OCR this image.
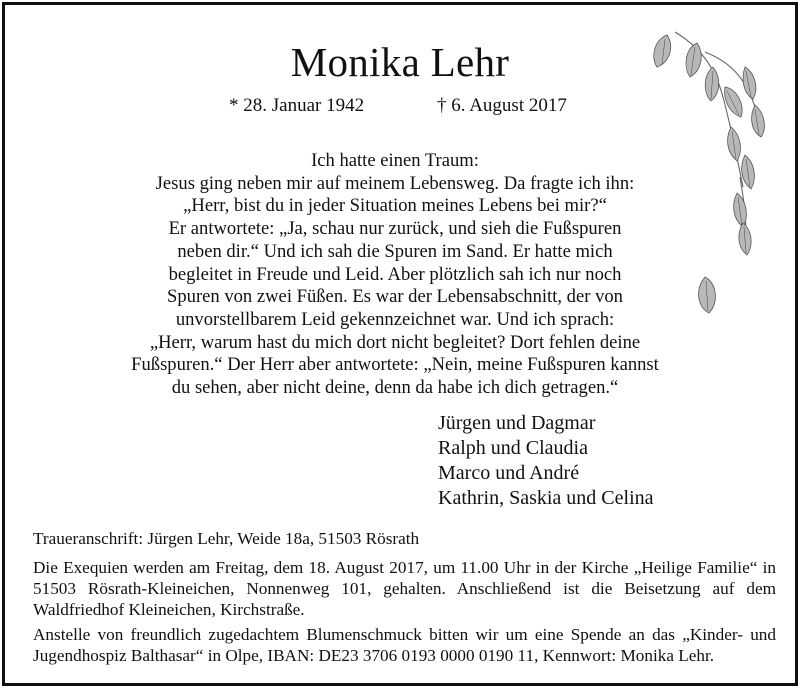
Monika Lehr
* 28. Januar 1942	† 6. August 2017
Ich hatte einen Traum:
Jesus ging neben mir auf meinem Lebensweg. Da fragte ich ihn:
„Herr, bist du in jeder Situation meines Lebens bei mir?“
Er antwortete: „Ja, schau nur zurück, und sieh die Fußspuren
neben dir.“ Und ich sah die Spuren im Sand. Er hatte mich
begleitet in Freude und Leid. Aber plötzlich sah ich nur noch
Spuren von zwei Füßen. Es war der Lebensabschnitt, der von
unvorstellbarem Leid gekennzeichnet war. Und ich sprach:
„Herr, warum hast du mich dort nicht begleitet? Dort fehlen deine
Fußspuren.“ Der Herr aber antwortete: „Nein, meine Fußspuren kannst
du sehen, aber nicht deine, denn da habe ich dich getragen.“
Jürgen und Dagmar
Ralph und Claudia
Marco und André
Kathrin, Saskia und Celina
Traueranschrift: Jürgen Lehr, Weide 18a, 51503 Rösrath
Die Exequien werden am Freitag, dem 18. August 2017, um 11.00 Uhr in der Kirche „Heilige Familie“ in 51503 Rösrath-Kleineichen, Nonnenweg 101, gehalten. Anschließend ist die Beisetzung auf dem Waldfriedhof Kleineichen, Kirchstraße.
Anstelle von freundlich zugedachtem Blumenschmuck bitten wir um eine Spende an das „Kinder- und Jugendhospiz Balthasar“ in Olpe, IBAN: DE23 3706 0193 0000 0190 11, Kennwort: Monika Lehr.
